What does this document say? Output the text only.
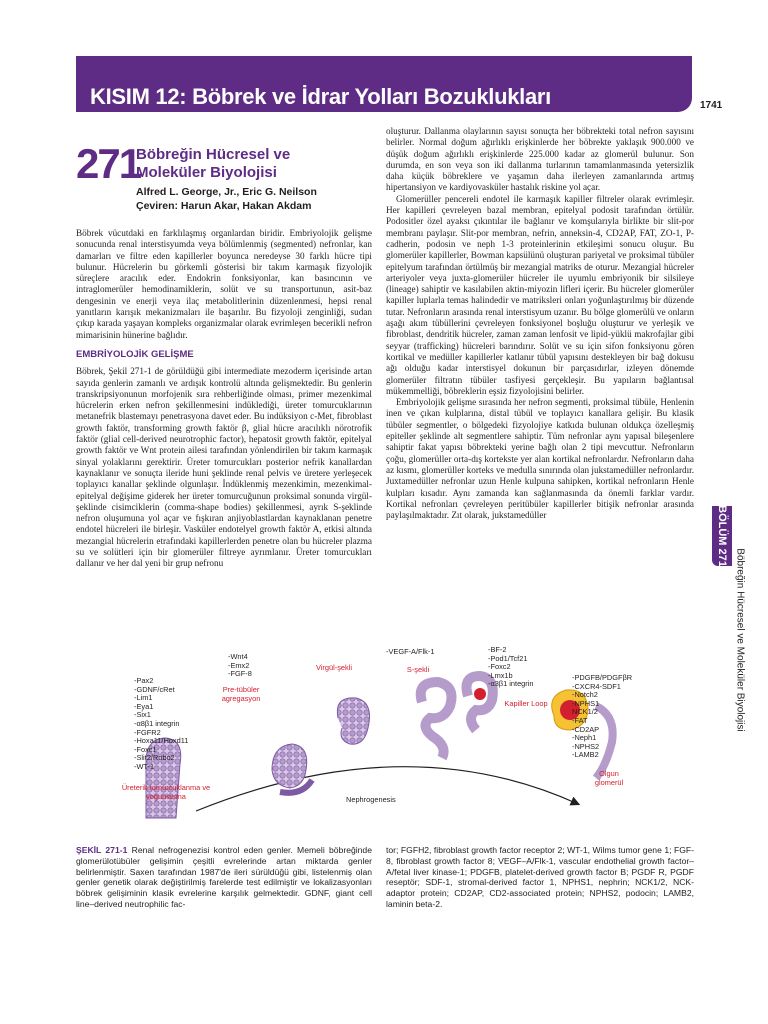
KISIM 12: Böbrek ve İdrar Yolları Bozuklukları	1741
BÖLÜM 271
Böbreğin Hücresel ve Moleküler Biyolojisi
271
Böbreğin Hücresel ve
Moleküler Biyolojisi
Alfred L. George, Jr., Eric G. Neilson
Çeviren: Harun Akar, Hakan Akdam

Böbrek vücutdaki en farklılaşmış organlardan biridir. Embriyolojik gelişme sonucunda renal interstisyumda veya bölümlenmiş (segmented) nefronlar, kan damarları ve filtre eden kapillerler boyunca neredeyse 30 farklı hücre tipi bulunur. Hücrelerin bu görkemli gösterisi bir takım karmaşık fizyolojik süreçlere aracılık eder. Endokrin fonksiyonlar, kan basıncının ve intraglomerüler hemodinamiklerin, solüt ve su transportunun, asit-baz dengesinin ve enerji veya ilaç metabolitlerinin düzenlenmesi, hepsi renal yanıtların karışık mekanizmaları ile başarılır. Bu fizyoloji zenginliği, sudan çıkıp karada yaşayan kompleks organizmalar olarak evrimleşen becerikli nefron mimarisinin hünerine bağlıdır.

EMBRİYOLOJİK GELİŞME

Böbrek, Şekil 271-1 de görüldüğü gibi intermediate mezoderm içerisinde artan sayıda genlerin zamanlı ve ardışık kontrolü altında gelişmektedir. Bu genlerin transkripsiyonunun morfojenik sıra rehberliğinde olması, primer mezenkimal hücrelerin erken nefron şekillenmesini indüklediği, üreter tomurcuklarının metanefrik blastemayı penetrasyona davet eder. Bu indüksiyon c-Met, fibroblast growth faktör, transforming growth faktör β, glial hücre aracılıklı nörotrofik faktör (glial cell-derived neurotrophic factor), hepatosit growth faktör, epitelyal growth faktör ve Wnt protein ailesi tarafından yönlendirilen bir takım karmaşık sinyal yolaklarını gerektirir. Üreter tomurcukları posterior nefrik kanallardan kaynaklanır ve sonuçta ileride huni şeklinde renal pelvis ve üretere yerleşecek toplayıcı kanallar şeklinde olgunlaşır. İndüklenmiş mezenkimin, mezenkimal-epitelyal değişime giderek her üreter tomurcuğunun proksimal sonunda virgül-şeklinde cisimciklerin (comma-shape bodies) şekillenmesi, ayrık S-şeklinde nefron oluşumuna yol açar ve fışkıran anjiyoblastlardan kaynaklanan penetre endotel hücreleri ile birleşir. Vasküler endotelyel growth faktör A, etkisi altında mezangial hücrelerin etrafındaki kapillerlerden penetre olan bu hücreler plazma su ve solütleri için bir glomerüler filtreye ayrımlanır. Üreter tomurcukları dallanır ve her dal yeni bir grup nefronu

oluşturur. Dallanma olaylarının sayısı sonuçta her böbrekteki total nefron sayısını belirler. Normal doğum ağırlıklı erişkinlerde her böbrekte yaklaşık 900.000 ve düşük doğum ağırlıklı erişkinlerde 225.000 kadar az glomerül bulunur. Son durumda, en son veya son iki dallanma turlarının tamamlanmasında yetersizlik daha küçük böbreklere ve yaşamın daha ilerleyen zamanlarında artmış hipertansiyon ve kardiyovasküler hastalık riskine yol açar.

Glomerüller pencereli endotel ile karmaşık kapiller filtreler olarak evrimleşir. Her kapilleri çevreleyen bazal membran, epitelyal podosit tarafından örtülür. Podositler özel ayaksı çıkıntılar ile bağlanır ve komşularıyla birlikte bir slit-por membranı paylaşır. Slit-por membran, nefrin, anneksin-4, CD2AP, FAT, ZO-1, P-cadherin, podosin ve neph 1-3 proteinlerinin etkileşimi sonucu oluşur. Bu glomerüler kapillerler, Bowman kapsülünü oluşturan pariyetal ve proksimal tübüler epitelyum tarafından örtülmüş bir mezangial matriks de oturur. Mezangial hücreler arteriyoler veya juxta-glomerüler hücreler ile uyumlu embriyonik bir silsileye (lineage) sahiptir ve kasılabilen aktin-miyozin lifleri içerir. Bu hücreler glomerüler kapiller luplarla temas halindedir ve matriksleri onları yoğunlaştırılmış bir düzende tutar. Nefronların arasında renal interstisyum uzanır. Bu bölge glomerülü ve onların aşağı akım tübüllerini çevreleyen fonksiyonel boşluğu oluşturur ve yerleşik ve fibroblast, dendritik hücreler, zaman zaman lenfosit ve lipid-yüklü makrofajlar gibi seyyar (trafficking) hücreleri barındırır. Solüt ve su için sifon fonksiyonu gören kortikal ve medüller kapillerler katlanır tübül yapısını destekleyen bir bağ dokusu ağı olduğu kadar interstisyel dokunun bir parçasıdırlar, izleyen dönemde glomerüler filtratın tübüler tasfiyesi gerçekleşir. Bu yapıların bağlantısal mükemmelliği, böbreklerin eşsiz fizyolojisini belirler.

Embriyolojik gelişme sırasında her nefron segmenti, proksimal tübüle, Henlenin inen ve çıkan kulplarına, distal tübül ve toplayıcı kanallara gelişir. Bu klasik tübüler segmentler, o bölgedeki fizyolojiye katkıda bulunan oldukça özelleşmiş epiteller şeklinde alt segmentlere sahiptir. Tüm nefronlar aynı yapısal bileşenlere sahiptir fakat yapısı böbrekteki yerine bağlı olan 2 tipi mevcuttur. Nefronların çoğu, glomerüller orta-dış kortekste yer alan kortikal nefronlardır. Nefronların daha az kısmı, glomerüller korteks ve medulla sınırında olan jukstamedüller nefronlardır. Juxtamedüller nefronlar uzun Henle kulpuna sahipken, kortikal nefronların Henle kulpları kısadır. Aynı zamanda kan sağlanmasında da önemli farklar vardır. Kortikal nefronları çevreleyen peritübüler kapillerler bitişik nefronlar arasında paylaşılmaktadır. Zıt olarak, jukstamedüller

-Pax2
-GDNF/cRet
-Lim1
-Eya1
-Six1
-α8β1 integrin
-FGFR2
-Hoxa11/Hoxd11
-Foxc1
-Slit2/Robo2
-WT-1
-Wnt4
-Emx2
-FGF-8
-VEGF-A/Flk-1	-BF-2
-Pod1/Tcf21
-Foxc2
-Lmx1b
-α3β1 integrin
-PDGFB/PDGFβR
-CXCR4-SDF1
-Notch2
-NPHS1
NCK1/2
-FAT
-CD2AP
-Neph1
-NPHS2
-LAMB2
Üreterik tomurcuklanma ve yoğunlaşma
Pre-tübüler agregasyon
Virgül-şekli	S-şekli
Kapiller Loop
Olgun glomerül
Nephrogenesis
ŞEKİL 271-1 Renal nefrogenezisi kontrol eden genler. Memeli böbreğinde glomerülotübüler gelişimin çeşitli evrelerinde artan miktarda genler belirlenmiştir. Saxen tarafından 1987'de ileri sürüldüğü gibi, listelenmiş olan genler genetik olarak değiştirilmiş farelerde test edilmiştir ve lokalizasyonları böbrek gelişiminin klasik evrelerine karşılık gelmektedir. GDNF, giant cell line–derived neutrophilic fac-
tor; FGFH2, fibroblast growth factor receptor 2; WT-1, Wilms tumor gene 1; FGF-8, fibroblast growth factor 8; VEGF–A/Flk-1, vascular endothelial growth factor–A/fetal liver kinase-1; PDGFB, platelet-derived growth factor B; PGDF R, PGDF reseptör; SDF-1, stromal-derived factor 1, NPHS1, nephrin; NCK1/2, NCK-adaptor protein; CD2AP, CD2-associated protein; NPHS2, podocin; LAMB2, laminin beta-2.
